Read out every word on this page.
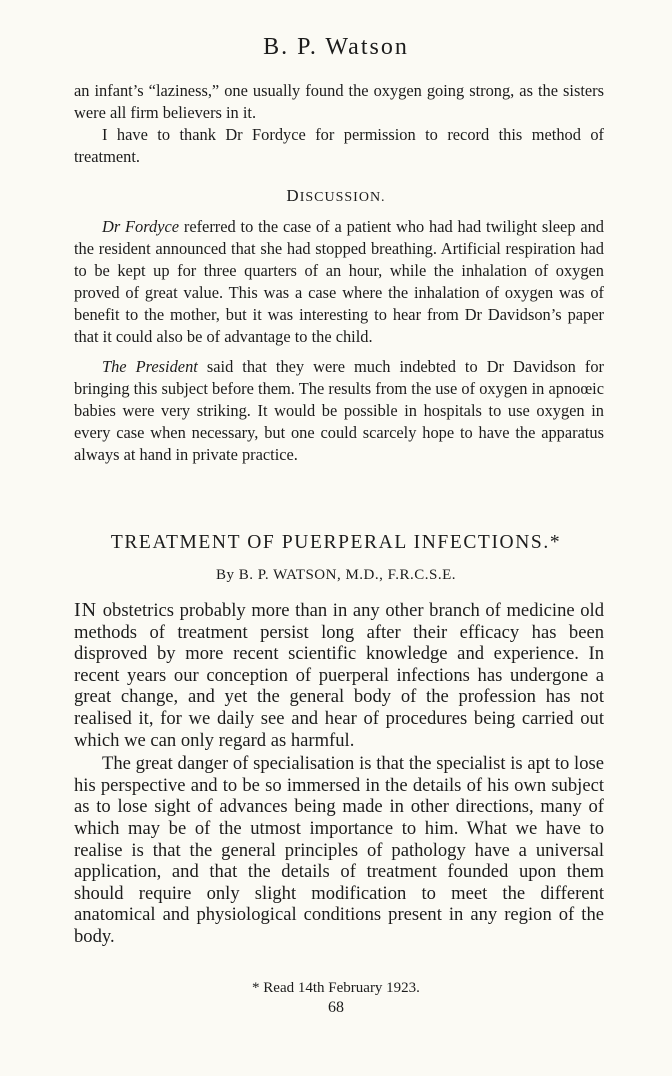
B. P. Watson

an infant’s “laziness,” one usually found the oxygen going strong, as the sisters were all firm believers in it.

I have to thank Dr Fordyce for permission to record this method of treatment.

DISCUSSION.

Dr Fordyce referred to the case of a patient who had had twilight sleep and the resident announced that she had stopped breathing. Artificial respiration had to be kept up for three quarters of an hour, while the inhalation of oxygen proved of great value. This was a case where the inhalation of oxygen was of benefit to the mother, but it was interesting to hear from Dr Davidson’s paper that it could also be of advantage to the child.

The President said that they were much indebted to Dr Davidson for bringing this subject before them. The results from the use of oxygen in apnoœic babies were very striking. It would be possible in hospitals to use oxygen in every case when necessary, but one could scarcely hope to have the apparatus always at hand in private practice.

TREATMENT OF PUERPERAL INFECTIONS.*
By B. P. WATSON, M.D., F.R.C.S.E.

IN obstetrics probably more than in any other branch of medicine old methods of treatment persist long after their efficacy has been disproved by more recent scientific knowledge and experience. In recent years our conception of puerperal infections has undergone a great change, and yet the general body of the profession has not realised it, for we daily see and hear of procedures being carried out which we can only regard as harmful.

The great danger of specialisation is that the specialist is apt to lose his perspective and to be so immersed in the details of his own subject as to lose sight of advances being made in other directions, many of which may be of the utmost importance to him. What we have to realise is that the general principles of pathology have a universal application, and that the details of treatment founded upon them should require only slight modification to meet the different anatomical and physiological conditions present in any region of the body.

* Read 14th February 1923.
68
